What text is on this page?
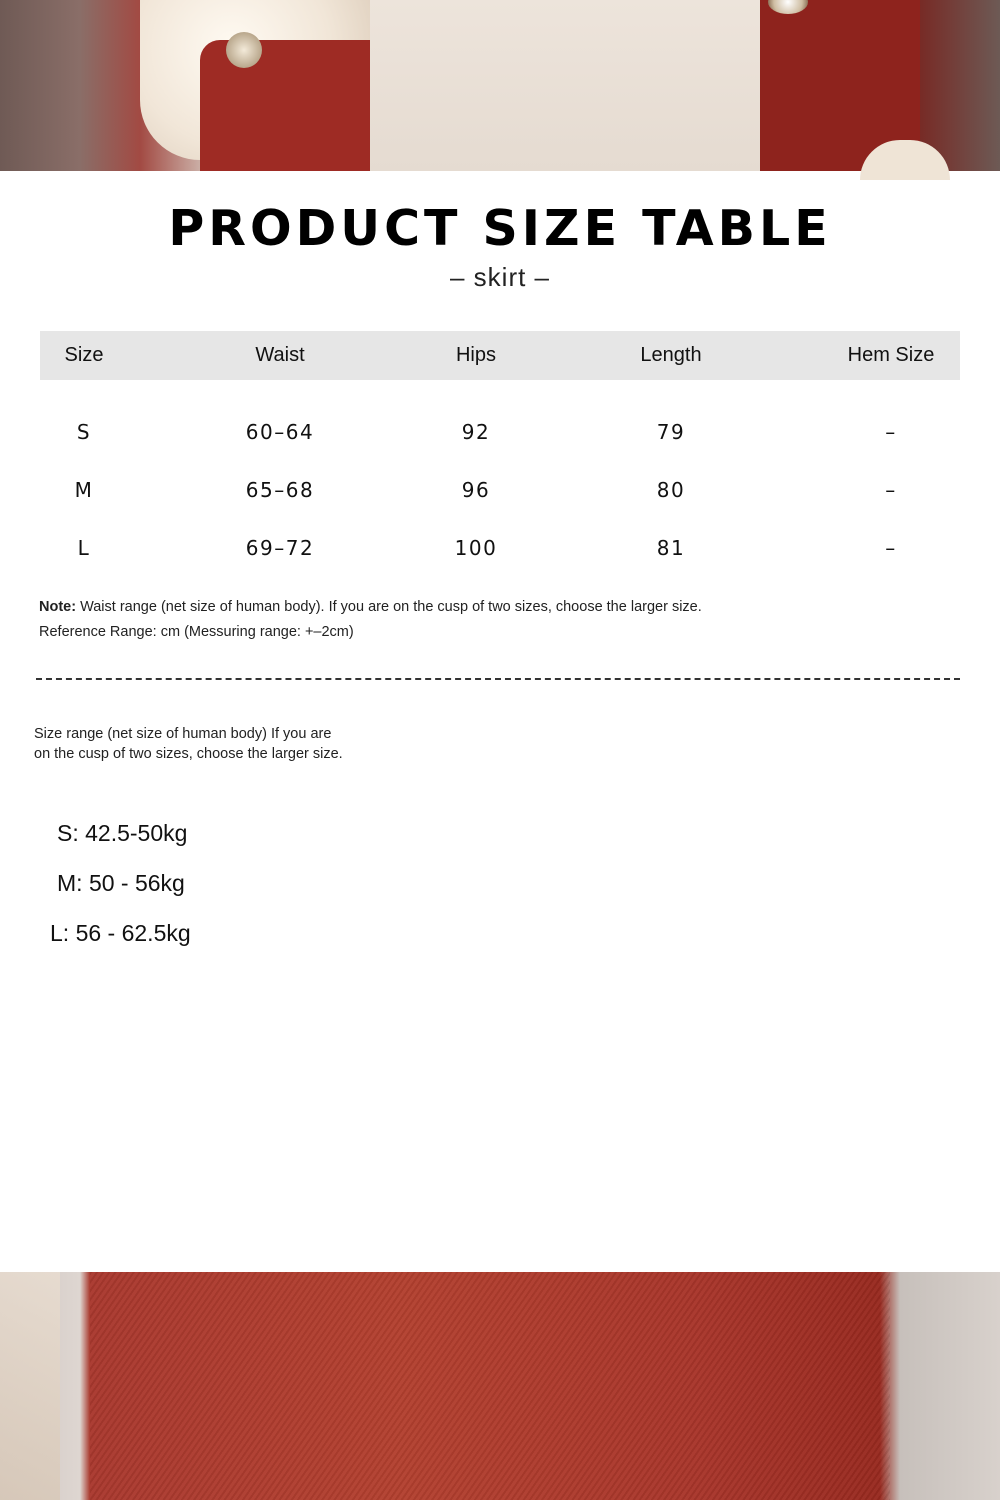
PRODUCT SIZE TABLE
– skirt –
Size	Waist	Hips	Length	Hem Size
S	60–64	92	79	–
M	65–68	96	80	–
L	69–72	100	81	–
Note: Waist range (net size of human body). If you are on the cusp of two sizes, choose the larger size.
Reference Range: cm (Messuring range: +–2cm)
Size range (net size of human body) If you are
on the cusp of two sizes, choose the larger size.
S: 42.5-50kg
M: 50 - 56kg
L: 56 - 62.5kg
